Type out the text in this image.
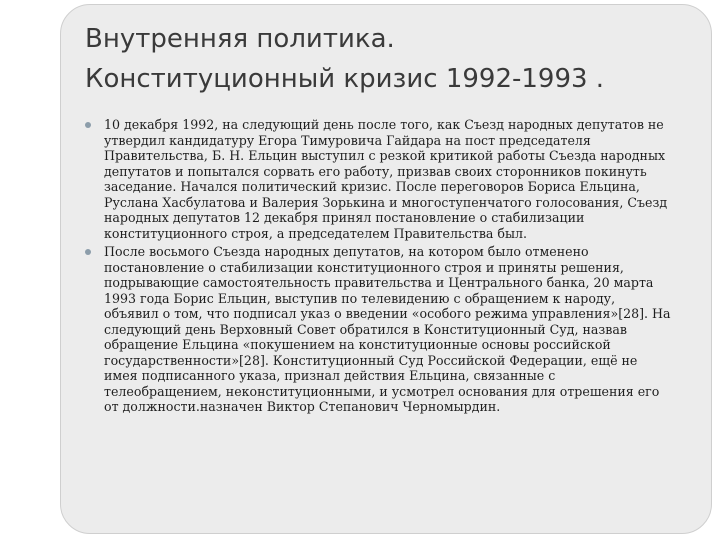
Внутренняя политика.
Конституционный кризис 1992-1993 .
10 декабря 1992, на следующий день после того, как Съезд народных депутатов не утвердил кандидатуру Егора Тимуровича Гайдара на пост председателя Правительства, Б. Н. Ельцин выступил с резкой критикой работы Съезда народных депутатов и попытался сорвать его работу, призвав своих сторонников покинуть заседание. Начался политический кризис. После переговоров Бориса Ельцина, Руслана Хасбулатова и Валерия Зорькина и многоступенчатого голосования, Съезд народных депутатов 12 декабря принял постановление о стабилизации конституционного строя, а председателем Правительства был.
После восьмого Съезда народных депутатов, на котором было отменено постановление о стабилизации конституционного строя и приняты решения, подрывающие самостоятельность правительства и Центрального банка, 20 марта 1993 года Борис Ельцин, выступив по телевидению с обращением к народу, объявил о том, что подписал указ о введении «особого режима управления»[28]. На следующий день Верховный Совет обратился в Конституционный Суд, назвав обращение Ельцина «покушением на конституционные основы российской государственности»[28]. Конституционный Суд Российской Федерации, ещё не имея подписанного указа, признал действия Ельцина, связанные с телеобращением, неконституционными, и усмотрел основания для отрешения его от должности.назначен Виктор Степанович Черномырдин.
